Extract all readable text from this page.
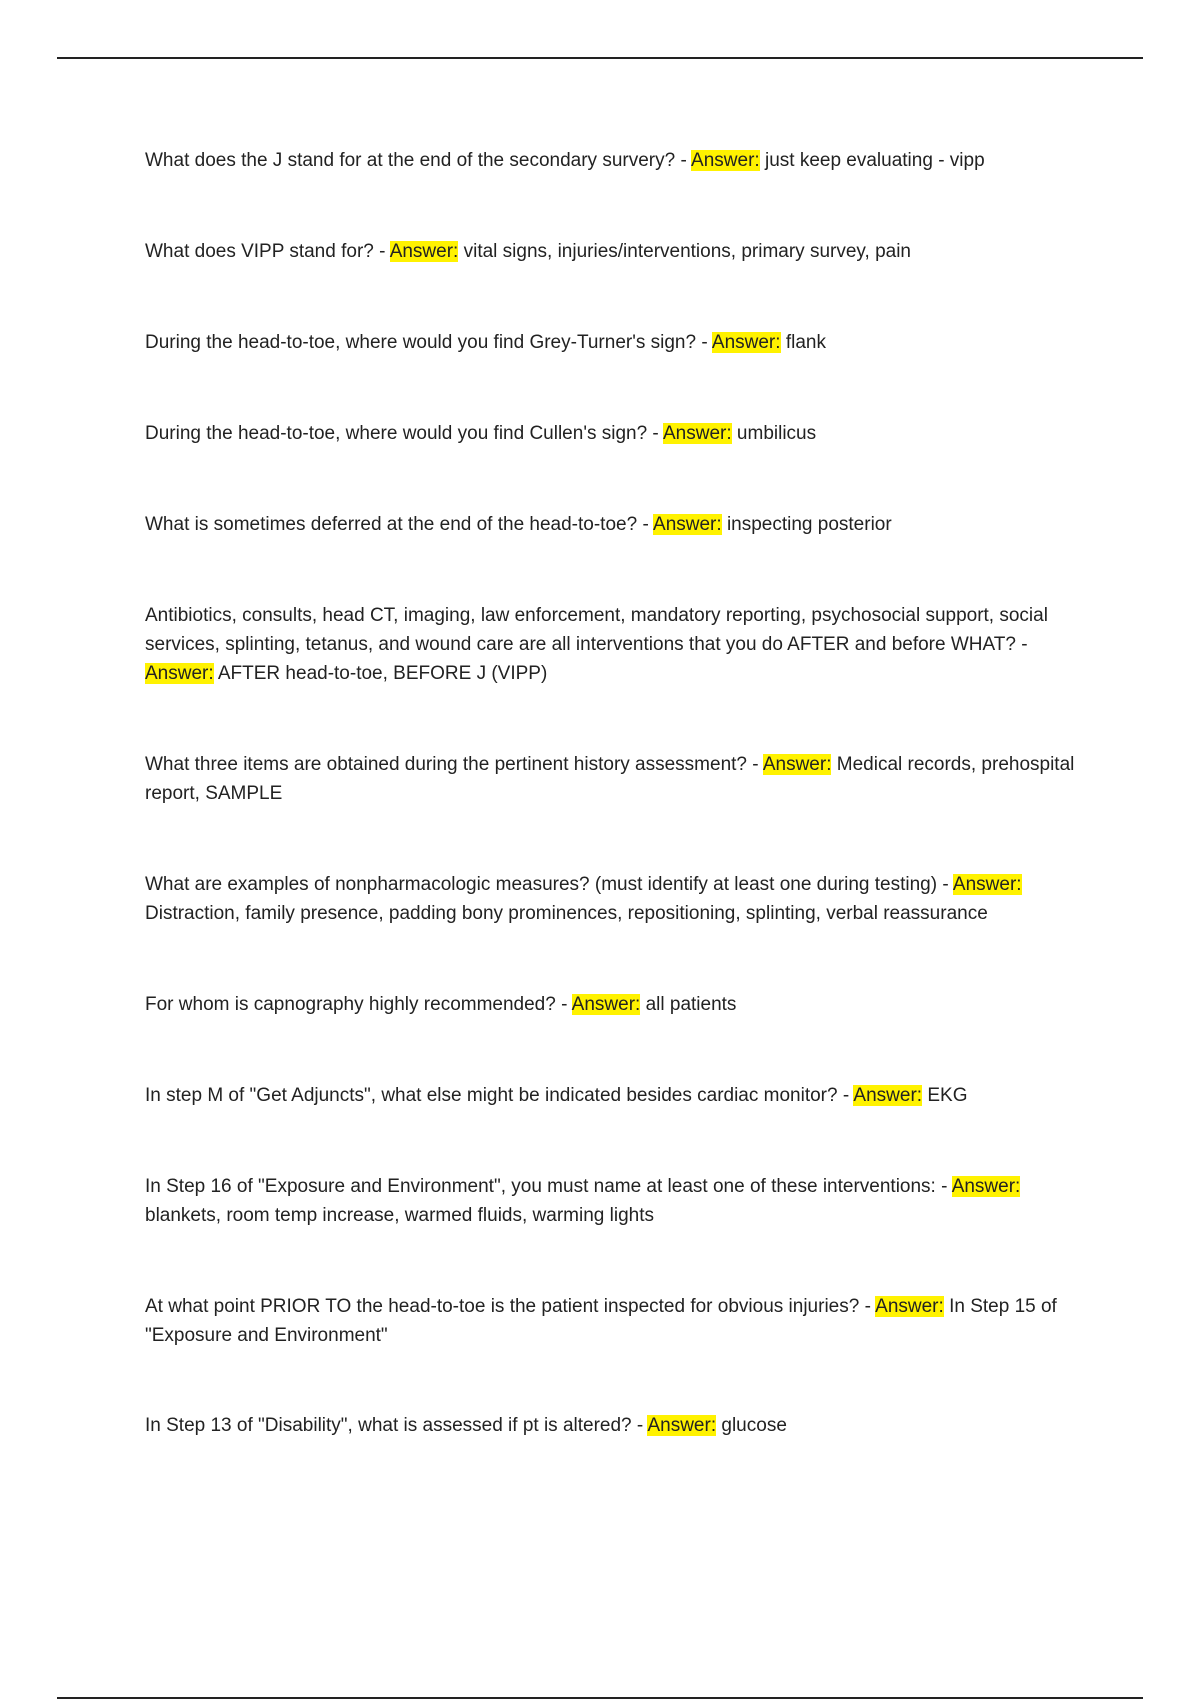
What does the J stand for at the end of the secondary survery? - Answer: just keep evaluating - vipp
What does VIPP stand for? - Answer: vital signs, injuries/interventions, primary survey, pain
During the head-to-toe, where would you find Grey-Turner's sign? - Answer: flank
During the head-to-toe, where would you find Cullen's sign? - Answer: umbilicus
What is sometimes deferred at the end of the head-to-toe? - Answer: inspecting posterior
Antibiotics, consults, head CT, imaging, law enforcement, mandatory reporting, psychosocial support, social services, splinting, tetanus, and wound care are all interventions that you do AFTER and before WHAT? - Answer: AFTER head-to-toe, BEFORE J (VIPP)
What three items are obtained during the pertinent history assessment? - Answer: Medical records, prehospital report, SAMPLE
What are examples of nonpharmacologic measures? (must identify at least one during testing) - Answer: Distraction, family presence, padding bony prominences, repositioning, splinting, verbal reassurance
For whom is capnography highly recommended? - Answer: all patients
In step M of "Get Adjuncts", what else might be indicated besides cardiac monitor? - Answer: EKG
In Step 16 of "Exposure and Environment", you must name at least one of these interventions: - Answer: blankets, room temp increase, warmed fluids, warming lights
At what point PRIOR TO the head-to-toe is the patient inspected for obvious injuries? - Answer: In Step 15 of "Exposure and Environment"
In Step 13 of "Disability", what is assessed if pt is altered? - Answer: glucose
